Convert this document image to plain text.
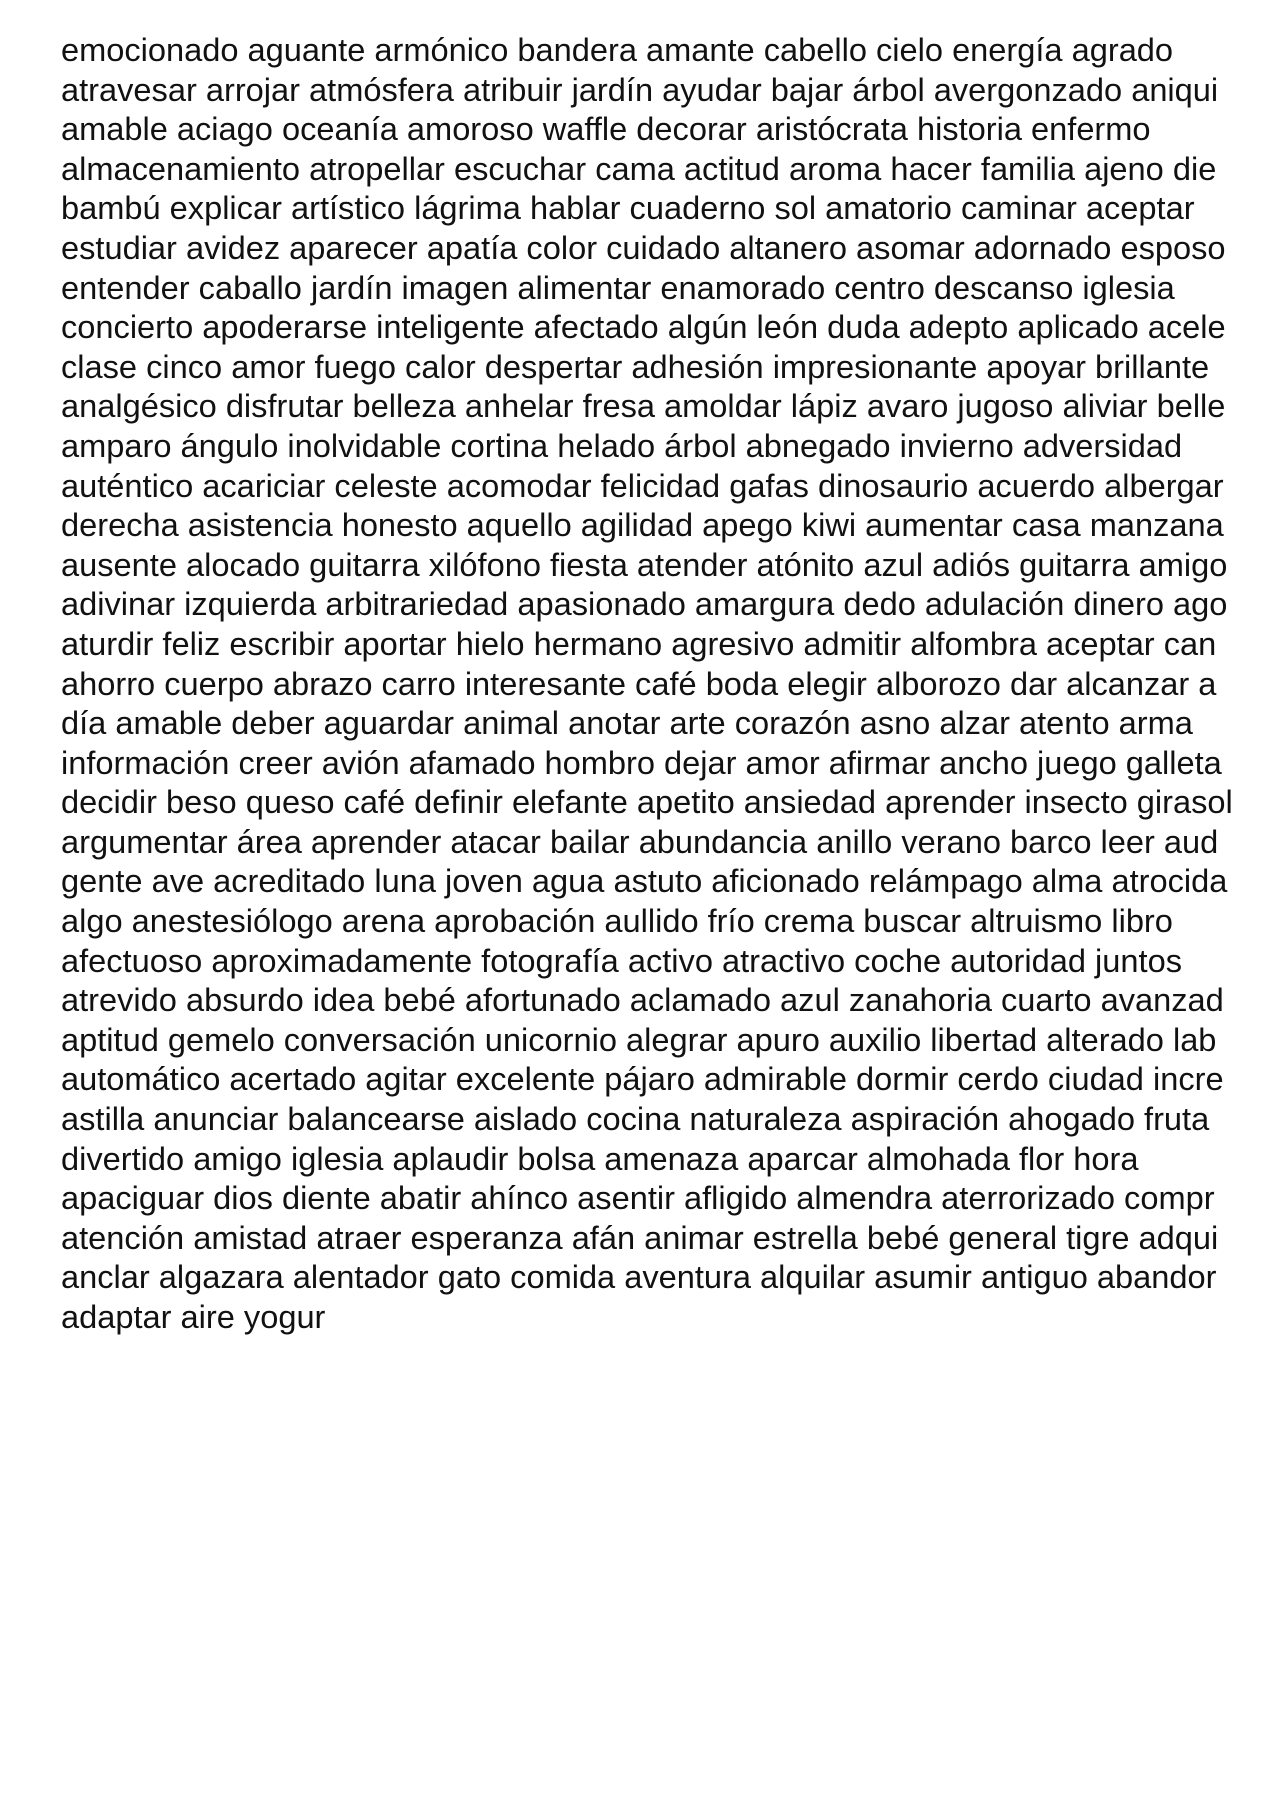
emocionado aguante armónico bandera amante cabello cielo energía agrado
atravesar arrojar atmósfera atribuir jardín ayudar bajar árbol avergonzado aniqui
amable aciago oceanía amoroso waffle decorar aristócrata historia enfermo
almacenamiento atropellar escuchar cama actitud aroma hacer familia ajeno die
bambú explicar artístico lágrima hablar cuaderno sol amatorio caminar aceptar
estudiar avidez aparecer apatía color cuidado altanero asomar adornado esposo
entender caballo jardín imagen alimentar enamorado centro descanso iglesia
concierto apoderarse inteligente afectado algún león duda adepto aplicado acele
clase cinco amor fuego calor despertar adhesión impresionante apoyar brillante
analgésico disfrutar belleza anhelar fresa amoldar lápiz avaro jugoso aliviar belle
amparo ángulo inolvidable cortina helado árbol abnegado invierno adversidad
auténtico acariciar celeste acomodar felicidad gafas dinosaurio acuerdo albergar
derecha asistencia honesto aquello agilidad apego kiwi aumentar casa manzana
ausente alocado guitarra xilófono fiesta atender atónito azul adiós guitarra amigo
adivinar izquierda arbitrariedad apasionado amargura dedo adulación dinero ago
aturdir feliz escribir aportar hielo hermano agresivo admitir alfombra aceptar can
ahorro cuerpo abrazo carro interesante café boda elegir alborozo dar alcanzar a
día amable deber aguardar animal anotar arte corazón asno alzar atento arma
información creer avión afamado hombro dejar amor afirmar ancho juego galleta
decidir beso queso café definir elefante apetito ansiedad aprender insecto girasol
argumentar área aprender atacar bailar abundancia anillo verano barco leer aud
gente ave acreditado luna joven agua astuto aficionado relámpago alma atrocida
algo anestesiólogo arena aprobación aullido frío crema buscar altruismo libro
afectuoso aproximadamente fotografía activo atractivo coche autoridad juntos
atrevido absurdo idea bebé afortunado aclamado azul zanahoria cuarto avanzad
aptitud gemelo conversación unicornio alegrar apuro auxilio libertad alterado lab
automático acertado agitar excelente pájaro admirable dormir cerdo ciudad incre
astilla anunciar balancearse aislado cocina naturaleza aspiración ahogado fruta
divertido amigo iglesia aplaudir bolsa amenaza aparcar almohada flor hora
apaciguar dios diente abatir ahínco asentir afligido almendra aterrorizado compr
atención amistad atraer esperanza afán animar estrella bebé general tigre adqui
anclar algazara alentador gato comida aventura alquilar asumir antiguo abandor
adaptar aire yogur
